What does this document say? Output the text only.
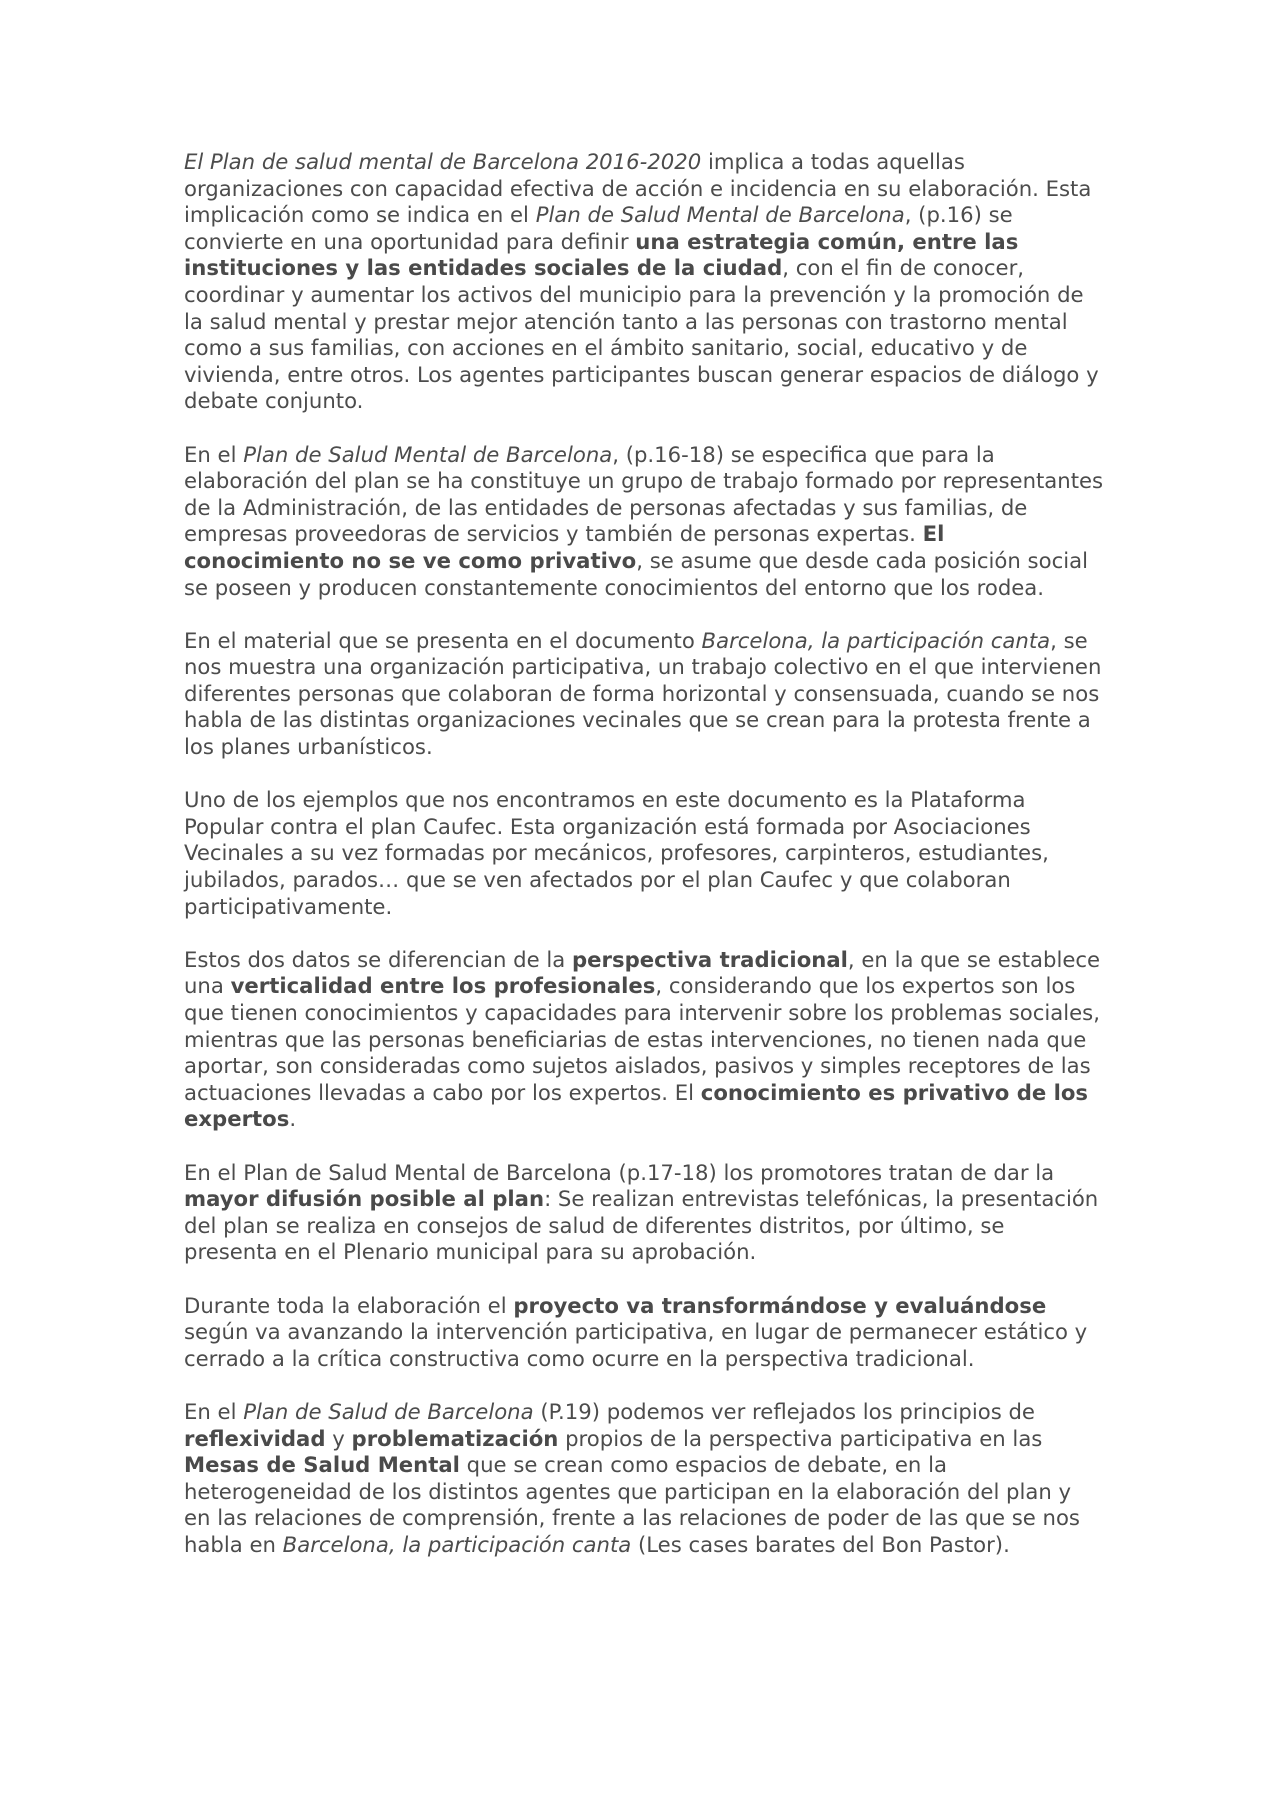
El Plan de salud mental de Barcelona 2016-2020 implica a todas aquellas organizaciones con capacidad efectiva de acción e incidencia en su elaboración. Esta implicación como se indica en el Plan de Salud Mental de Barcelona, (p.16) se convierte en una oportunidad para definir una estrategia común, entre las instituciones y las entidades sociales de la ciudad, con el fin de conocer, coordinar y aumentar los activos del municipio para la prevención y la promoción de la salud mental y prestar mejor atención tanto a las personas con trastorno mental como a sus familias, con acciones en el ámbito sanitario, social, educativo y de vivienda, entre otros. Los agentes participantes buscan generar espacios de diálogo y debate conjunto.

En el Plan de Salud Mental de Barcelona, (p.16-18) se especifica que para la elaboración del plan se ha constituye un grupo de trabajo formado por representantes de la Administración, de las entidades de personas afectadas y sus familias, de empresas proveedoras de servicios y también de personas expertas. El conocimiento no se ve como privativo, se asume que desde cada posición social se poseen y producen constantemente conocimientos del entorno que los rodea.

En el material que se presenta en el documento Barcelona, la participación canta, se nos muestra una organización participativa, un trabajo colectivo en el que intervienen diferentes personas que colaboran de forma horizontal y consensuada, cuando se nos habla de las distintas organizaciones vecinales que se crean para la protesta frente a los planes urbanísticos.

Uno de los ejemplos que nos encontramos en este documento es la Plataforma Popular contra el plan Caufec. Esta organización está formada por Asociaciones Vecinales a su vez formadas por mecánicos, profesores, carpinteros, estudiantes, jubilados, parados… que se ven afectados por el plan Caufec y que colaboran participativamente.

Estos dos datos se diferencian de la perspectiva tradicional, en la que se establece una verticalidad entre los profesionales, considerando que los expertos son los que tienen conocimientos y capacidades para intervenir sobre los problemas sociales, mientras que las personas beneficiarias de estas intervenciones, no tienen nada que aportar, son consideradas como sujetos aislados, pasivos y simples receptores de las actuaciones llevadas a cabo por los expertos. El conocimiento es privativo de los expertos.

En el Plan de Salud Mental de Barcelona (p.17-18) los promotores tratan de dar la mayor difusión posible al plan: Se realizan entrevistas telefónicas, la presentación del plan se realiza en consejos de salud de diferentes distritos, por último, se presenta en el Plenario municipal para su aprobación.

Durante toda la elaboración el proyecto va transformándose y evaluándose según va avanzando la intervención participativa, en lugar de permanecer estático y cerrado a la crítica constructiva como ocurre en la perspectiva tradicional.

En el Plan de Salud de Barcelona (P.19) podemos ver reflejados los principios de reflexividad y problematización propios de la perspectiva participativa en las Mesas de Salud Mental que se crean como espacios de debate, en la heterogeneidad de los distintos agentes que participan en la elaboración del plan y en las relaciones de comprensión, frente a las relaciones de poder de las que se nos habla en Barcelona, la participación canta (Les cases barates del Bon Pastor).
